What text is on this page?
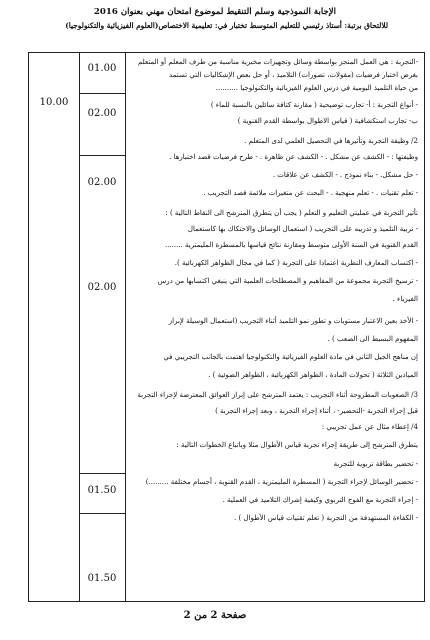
الإجابة النموذجية وسلم التنقيط لموضوع امتحان مهني بعنوان 2016
للالتحاق برتبة: أستاذ رئيسي للتعليم المتوسط تختبار في: تعليمية الاختصاص(العلوم الفيزيائية والتكنولوجيا)
10.00
01.00
02.00
02.00
02.00
01.50
01.50
-التجربة : هي العمل المنجز بواسطة وسائل وتجهيزات مخبرية مناسبة من طرف المعلم أو المتعلم
بغرض اختبار فرضيات (مقولات، تصورات) التلاميذ ، أو حل بعض الإشكاليات التي تستمد
من حياة التلميذ اليومية في درس العلوم الفيزيائية والتكنولوجيا ..........
- أنواع التجربة : أ- تجارب توضيحية ( مقارنة كتافة سائلين بالنسبة للماء )
ب- تجارب استكشافية ( قياس الاطوال بواسطة القدم القنوية )
2/ وظيفة التجربة وتأثيرها في التحصيل العلمي لدى المتعلم .
وظيفتها : - الكشف عن مشكل . - الكشف عن ظاهرة . - طرح فرضيات قصد اختبارها .
- حل مشكل. - بناء نموذج . - الكشف عن علاقات .
- تعلم تقنيات . - تعلم منهجية . - البحث عن متغيرات ملائمة قصد التجريب .
تأثير التجربة في عمليتي التعليم و التعلم ( يجب أن يتطرق المترشح الى النقاط التالية ) :
- تربية التلميذ و تدريبه على التجريب ( استعمال الوسائل والاحتكاك بها كاستعمال
القدم القنوية في السنة الأولى متوسط ومقارنة نتائج قياسها بالمسطرة المليمترية ........
- اكتساب المعارف النظرية اعتمادا على التجربة ( كما في مجال الظواهر الكهربائية ).
- ترسيخ التجربة مجموعة من المفاهيم و المصطلحات العلمية التي ينبغي اكتسابها من درس
الفيزياء .
- الأخذ بعين الاعتبار مستويات و تطور نمو التلميذ أثناء التجريب (استعمال الوسيلة لإبراز
المفهوم البسيط الى الصعب ) .
إن مناهج الجيل الثاني في مادة العلوم الفيزيائية والتكنولوجيا اهتمت بالجانب التجريبي في
الميادين الثلاثة ( تحولات المادة ، الظواهر الكهربائية ، الظواهر الضوئية ) .
3/ الصعوبات المطروحة أثناء التجريب : يعتمد المترشح على إبراز العوائق المعترضة لإجراء التجربة
قبل إجراء التجربة -التحضير- ، أثناء إجراء التجربة ، وبعد إجراء التجربة )
4/ إعطاء مثال عن عمل تجريبي :
يتطرق المترشح إلى طريقة إجراء تجربة قياس الأطوال مثلا وباتباع الخطوات التالية :
- تحضير بطاقة تربوية للتجربة
- تحضير الوسائل لإجراء التجربة ( المسطرة المليمترية ، القدم القنوية ، أجسام مختلفة .........)
- إجراء التجربة مع الفوج التربوي وكيفية إشراك التلاميذ في العملية .
- الكفاءة المستهدفة من التجربة ( تعلم تقنيات قياس الأطوال ) .
صفحة 2 من 2
